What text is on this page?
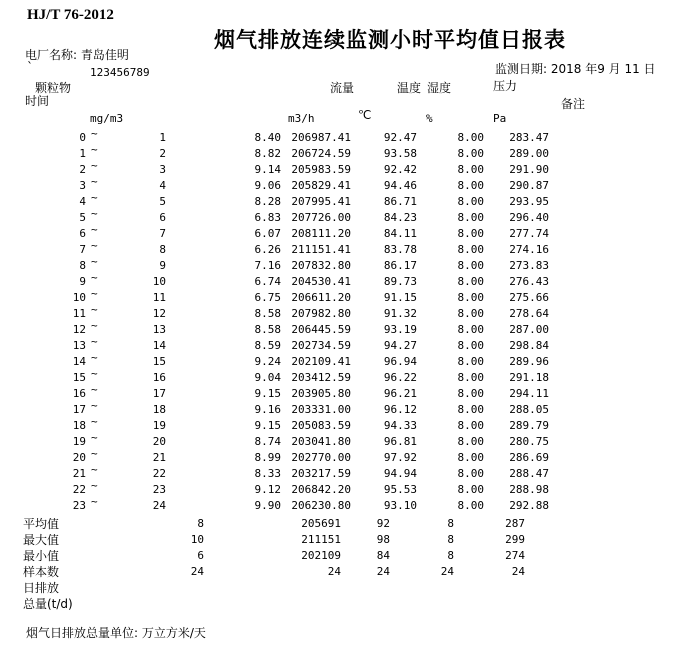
HJ/T 76-2012
烟气排放连续监测小时平均值日报表
电厂名称: 青岛佳明
`	123456789	监测日期: 2018 年9 月 11 日
颗粒物	流量	温度 湿度	压力
时间	备注
mg/m3	m3/h	℃	%	Pa
0 ~	1	8.40 206987.41	92.47	8.00	283.47
1 ~	2	8.82 206724.59	93.58	8.00	289.00
2 ~	3	9.14 205983.59	92.42	8.00	291.90
3 ~	4	9.06 205829.41	94.46	8.00	290.87
4 ~	5	8.28 207995.41	86.71	8.00	293.95
5 ~	6	6.83 207726.00	84.23	8.00	296.40
6 ~	7	6.07 208111.20	84.11	8.00	277.74
7 ~	8	6.26 211151.41	83.78	8.00	274.16
8 ~	9	7.16 207832.80	86.17	8.00	273.83
9 ~	10	6.74 204530.41	89.73	8.00	276.43
10 ~	11	6.75 206611.20	91.15	8.00	275.66
11 ~	12	8.58 207982.80	91.32	8.00	278.64
12 ~	13	8.58 206445.59	93.19	8.00	287.00
13 ~	14	8.59 202734.59	94.27	8.00	298.84
14 ~	15	9.24 202109.41	96.94	8.00	289.96
15 ~	16	9.04 203412.59	96.22	8.00	291.18
16 ~	17	9.15 203905.80	96.21	8.00	294.11
17 ~	18	9.16 203331.00	96.12	8.00	288.05
18 ~	19	9.15 205083.59	94.33	8.00	289.79
19 ~	20	8.74 203041.80	96.81	8.00	280.75
20 ~	21	8.99 202770.00	97.92	8.00	286.69
21 ~	22	8.33 203217.59	94.94	8.00	288.47
22 ~	23	9.12 206842.20	95.53	8.00	288.98
23 ~	24	9.90 206230.80	93.10	8.00	292.88
平均值	8	205691	92	8	287
最大值	10	211151	98	8	299
最小值	6	202109	84	8	274
样本数	24	24	24	24	24
日排放
总量(t/d)
烟气日排放总量单位: 万立方米/天
